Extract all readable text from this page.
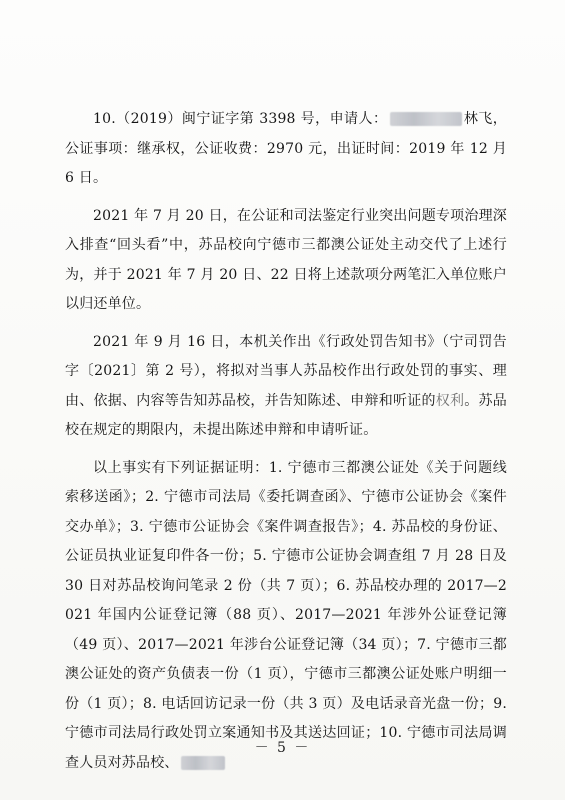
10.（2019）闽宁证字第 3398 号，申请人：	林飞，公证事项：继承权，公证收费：2970 元，出证时间：2019 年 12 月 6 日。

2021 年 7 月 20 日，在公证和司法鉴定行业突出问题专项治理深入排查“回头看”中，苏品校向宁德市三都澳公证处主动交代了上述行为，并于 2021 年 7 月 20 日、22 日将上述款项分两笔汇入单位账户以归还单位。

2021 年 9 月 16 日，本机关作出《行政处罚告知书》（宁司罚告字〔2021〕第 2 号），将拟对当事人苏品校作出行政处罚的事实、理由、依据、内容等告知苏品校，并告知陈述、申辩和听证的权利。苏品校在规定的期限内，未提出陈述申辩和申请听证。

以上事实有下列证据证明：1. 宁德市三都澳公证处《关于问题线索移送函》；2. 宁德市司法局《委托调查函》、宁德市公证协会《案件交办单》；3. 宁德市公证协会《案件调查报告》；4. 苏品校的身份证、公证员执业证复印件各一份；5. 宁德市公证协会调查组 7 月 28 日及 30 日对苏品校询问笔录 2 份（共 7 页）；6. 苏品校办理的 2017—2021 年国内公证登记簿（88 页）、2017—2021 年涉外公证登记簿（49 页）、2017—2021 年涉台公证登记簿（34 页）；7. 宁德市三都澳公证处的资产负债表一份（1 页），宁德市三都澳公证处账户明细一份（1 页）；8. 电话回访记录一份（共 3 页）及电话录音光盘一份；9. 宁德市司法局行政处罚立案通知书及其送达回证；10. 宁德市司法局调查人员对苏品校、

－ 5 －
